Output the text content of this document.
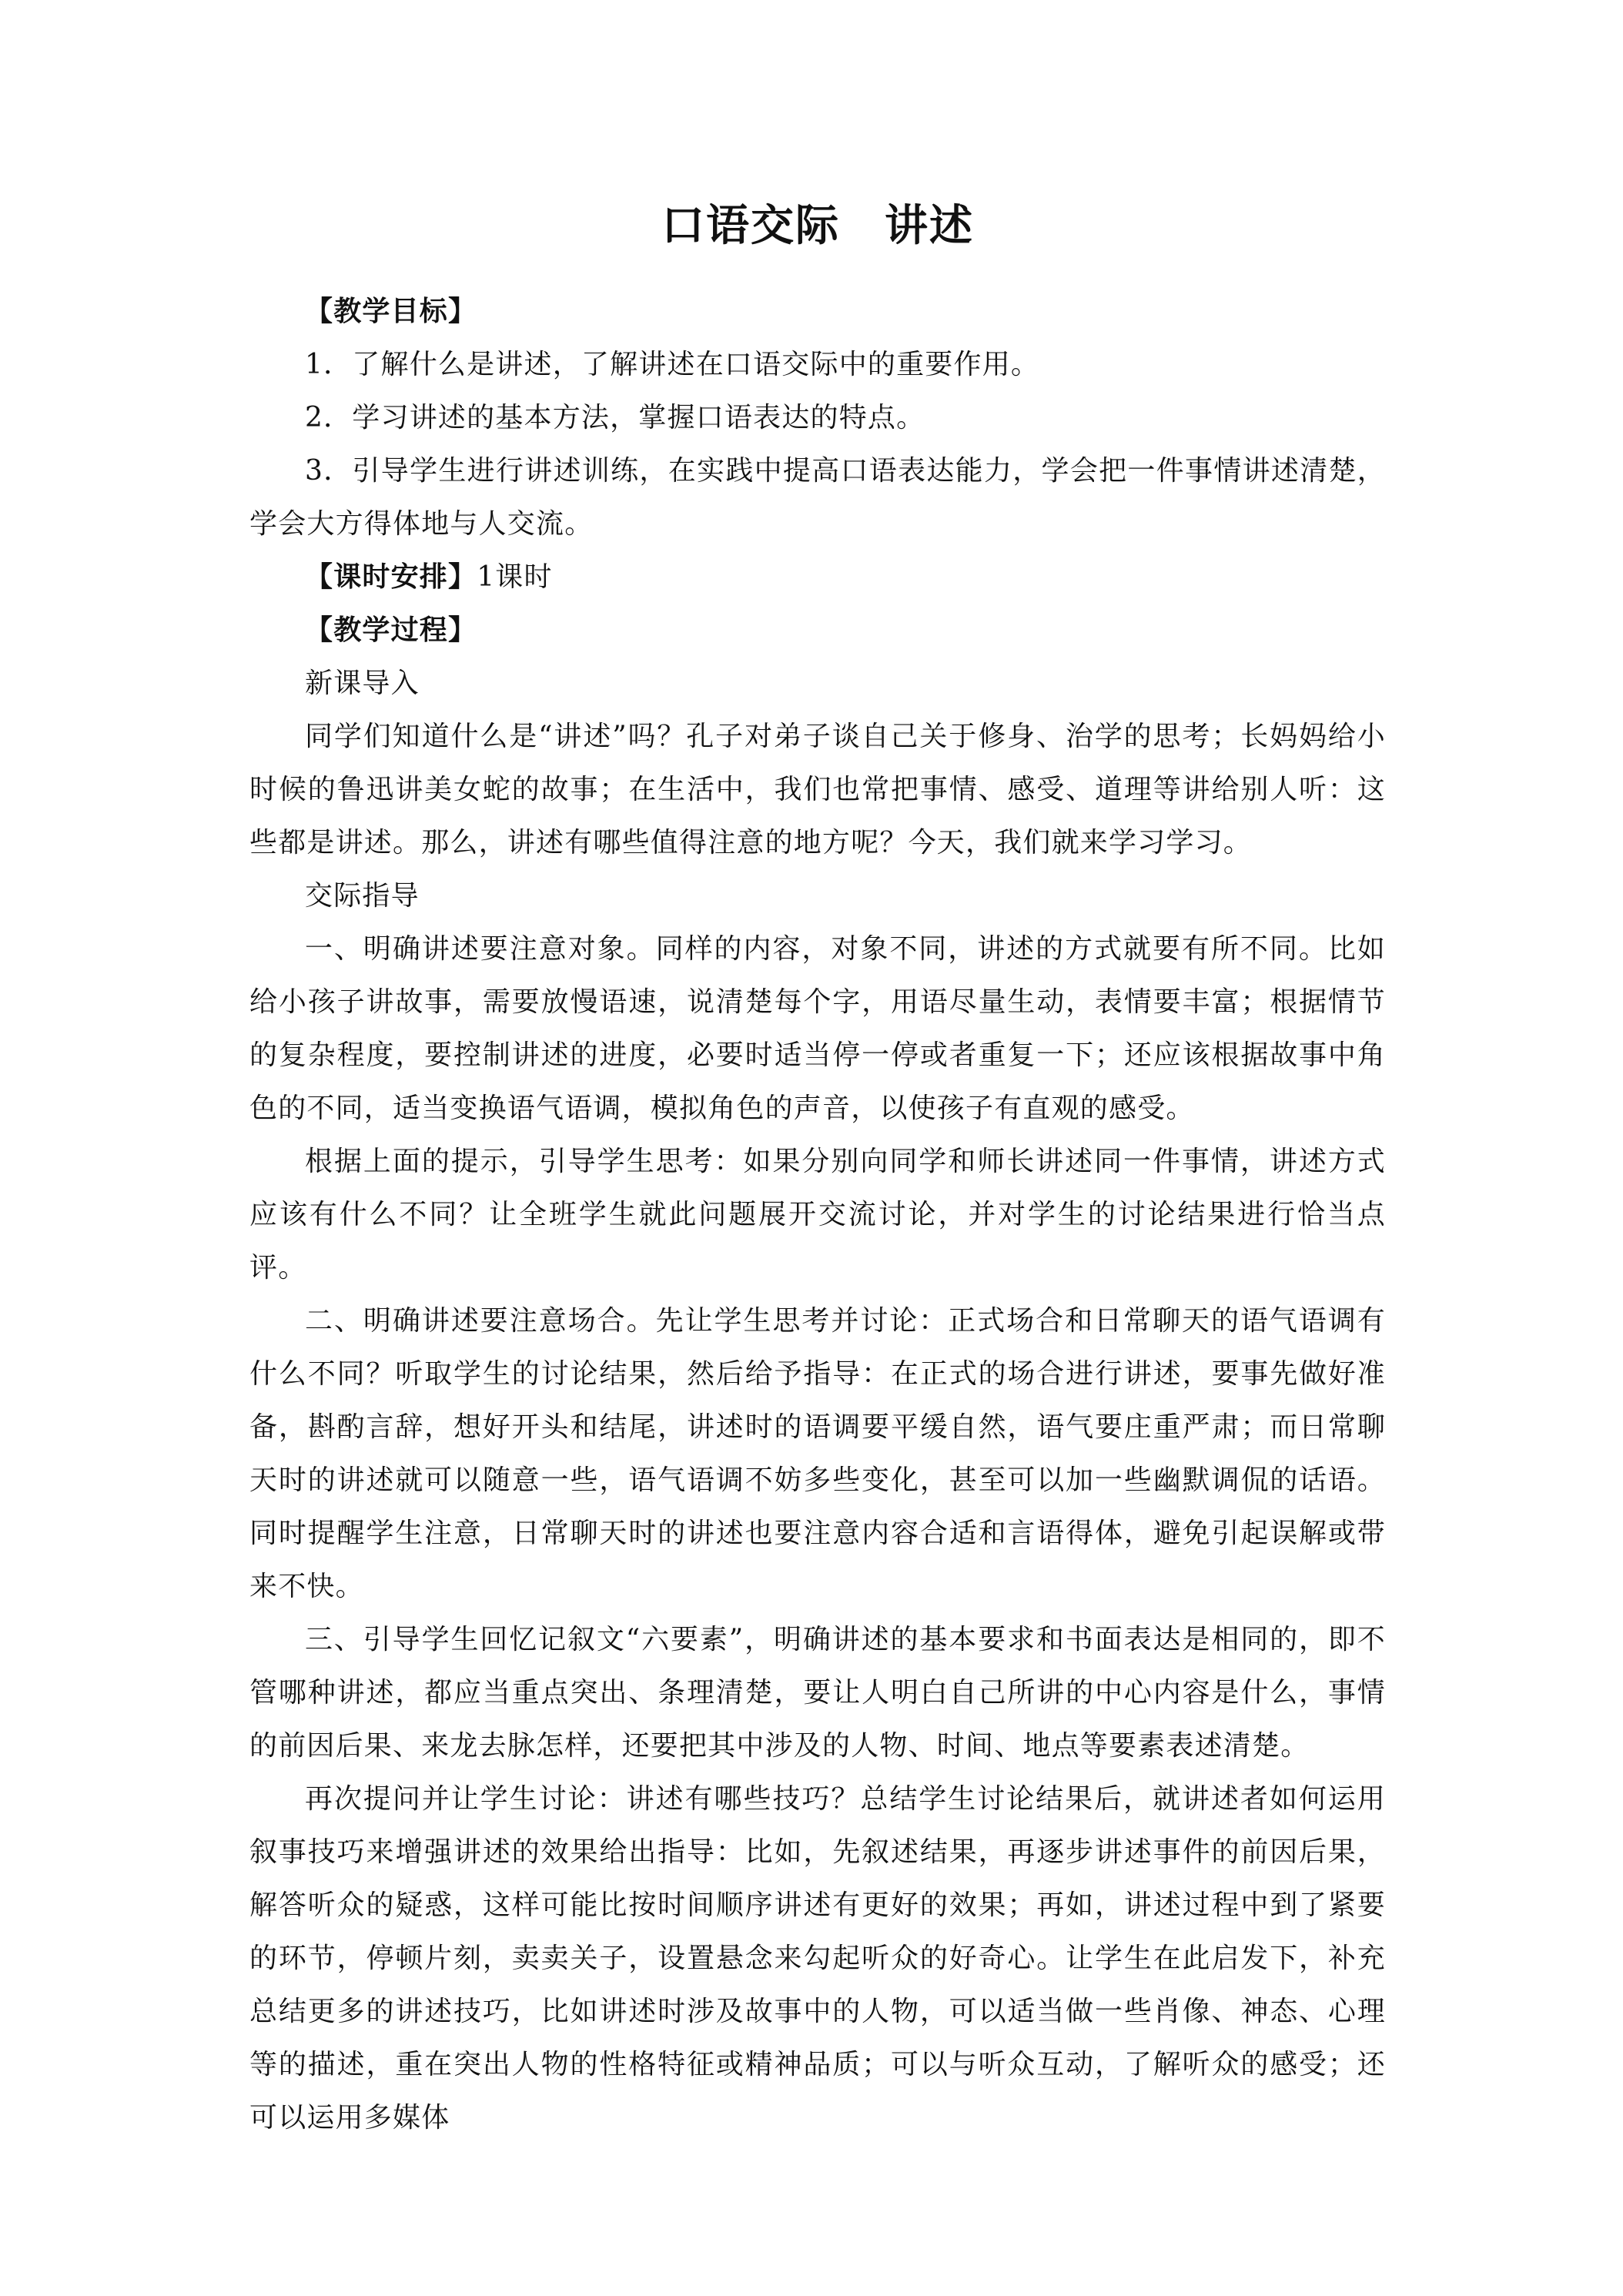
口语交际　讲述

【教学目标】

1．了解什么是讲述，了解讲述在口语交际中的重要作用。

2．学习讲述的基本方法，掌握口语表达的特点。

3．引导学生进行讲述训练，在实践中提高口语表达能力，学会把一件事情讲述清楚，学会大方得体地与人交流。

【课时安排】1课时

【教学过程】

新课导入

同学们知道什么是“讲述”吗？孔子对弟子谈自己关于修身、治学的思考；长妈妈给小时候的鲁迅讲美女蛇的故事；在生活中，我们也常把事情、感受、道理等讲给别人听：这些都是讲述。那么，讲述有哪些值得注意的地方呢？今天，我们就来学习学习。

交际指导

一、明确讲述要注意对象。同样的内容，对象不同，讲述的方式就要有所不同。比如给小孩子讲故事，需要放慢语速，说清楚每个字，用语尽量生动，表情要丰富；根据情节的复杂程度，要控制讲述的进度，必要时适当停一停或者重复一下；还应该根据故事中角色的不同，适当变换语气语调，模拟角色的声音，以使孩子有直观的感受。

根据上面的提示，引导学生思考：如果分别向同学和师长讲述同一件事情，讲述方式应该有什么不同？让全班学生就此问题展开交流讨论，并对学生的讨论结果进行恰当点评。

二、明确讲述要注意场合。先让学生思考并讨论：正式场合和日常聊天的语气语调有什么不同？听取学生的讨论结果，然后给予指导：在正式的场合进行讲述，要事先做好准备，斟酌言辞，想好开头和结尾，讲述时的语调要平缓自然，语气要庄重严肃；而日常聊天时的讲述就可以随意一些，语气语调不妨多些变化，甚至可以加一些幽默调侃的话语。同时提醒学生注意，日常聊天时的讲述也要注意内容合适和言语得体，避免引起误解或带来不快。

三、引导学生回忆记叙文“六要素”，明确讲述的基本要求和书面表达是相同的，即不管哪种讲述，都应当重点突出、条理清楚，要让人明白自己所讲的中心内容是什么，事情的前因后果、来龙去脉怎样，还要把其中涉及的人物、时间、地点等要素表述清楚。

再次提问并让学生讨论：讲述有哪些技巧？总结学生讨论结果后，就讲述者如何运用叙事技巧来增强讲述的效果给出指导：比如，先叙述结果，再逐步讲述事件的前因后果，解答听众的疑惑，这样可能比按时间顺序讲述有更好的效果；再如，讲述过程中到了紧要的环节，停顿片刻，卖卖关子，设置悬念来勾起听众的好奇心。让学生在此启发下，补充总结更多的讲述技巧，比如讲述时涉及故事中的人物，可以适当做一些肖像、神态、心理等的描述，重在突出人物的性格特征或精神品质；可以与听众互动，了解听众的感受；还可以运用多媒体
